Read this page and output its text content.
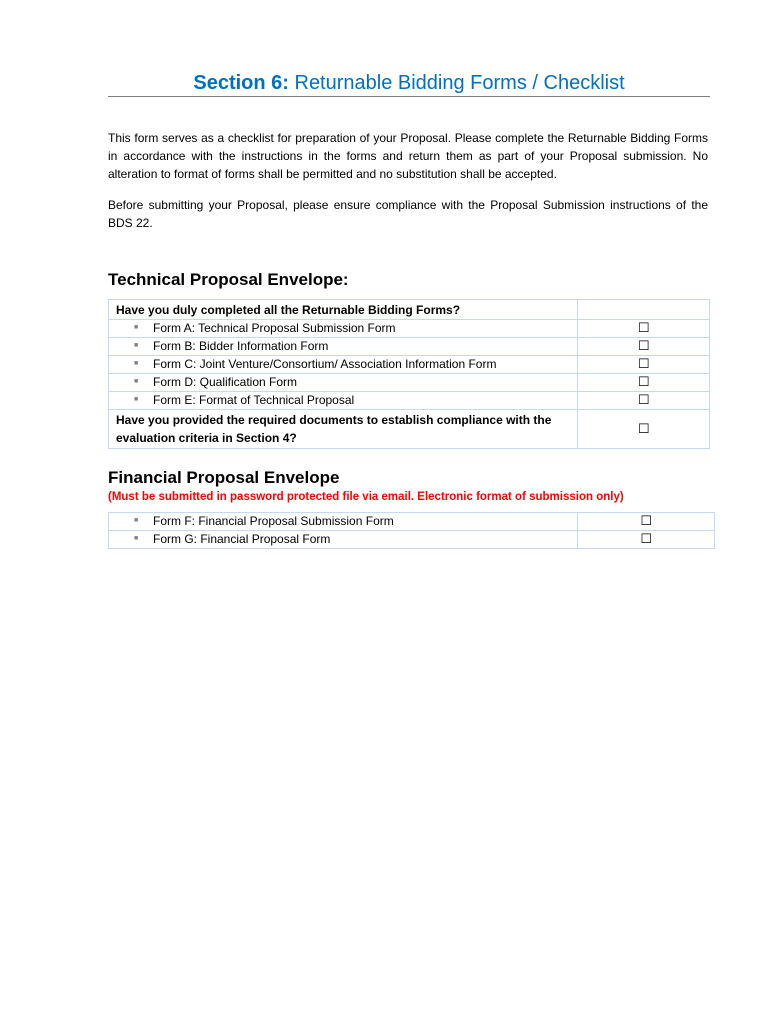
Section 6: Returnable Bidding Forms / Checklist
This form serves as a checklist for preparation of your Proposal. Please complete the Returnable Bidding Forms in accordance with the instructions in the forms and return them as part of your Proposal submission. No alteration to format of forms shall be permitted and no substitution shall be accepted.
Before submitting your Proposal, please ensure compliance with the Proposal Submission instructions of the BDS 22.
Technical Proposal Envelope:
Have you duly completed all the Returnable Bidding Forms?	
■ Form A: Technical Proposal Submission Form	☐
■ Form B: Bidder Information Form	☐
■ Form C: Joint Venture/Consortium/ Association Information Form	☐
■ Form D: Qualification Form	☐
■ Form E: Format of Technical Proposal	☐
Have you provided the required documents to establish compliance with the evaluation criteria in Section 4?	☐
Financial Proposal Envelope
(Must be submitted in password protected file via email. Electronic format of submission only)
■ Form F: Financial Proposal Submission Form	☐
■ Form G: Financial Proposal Form	☐
